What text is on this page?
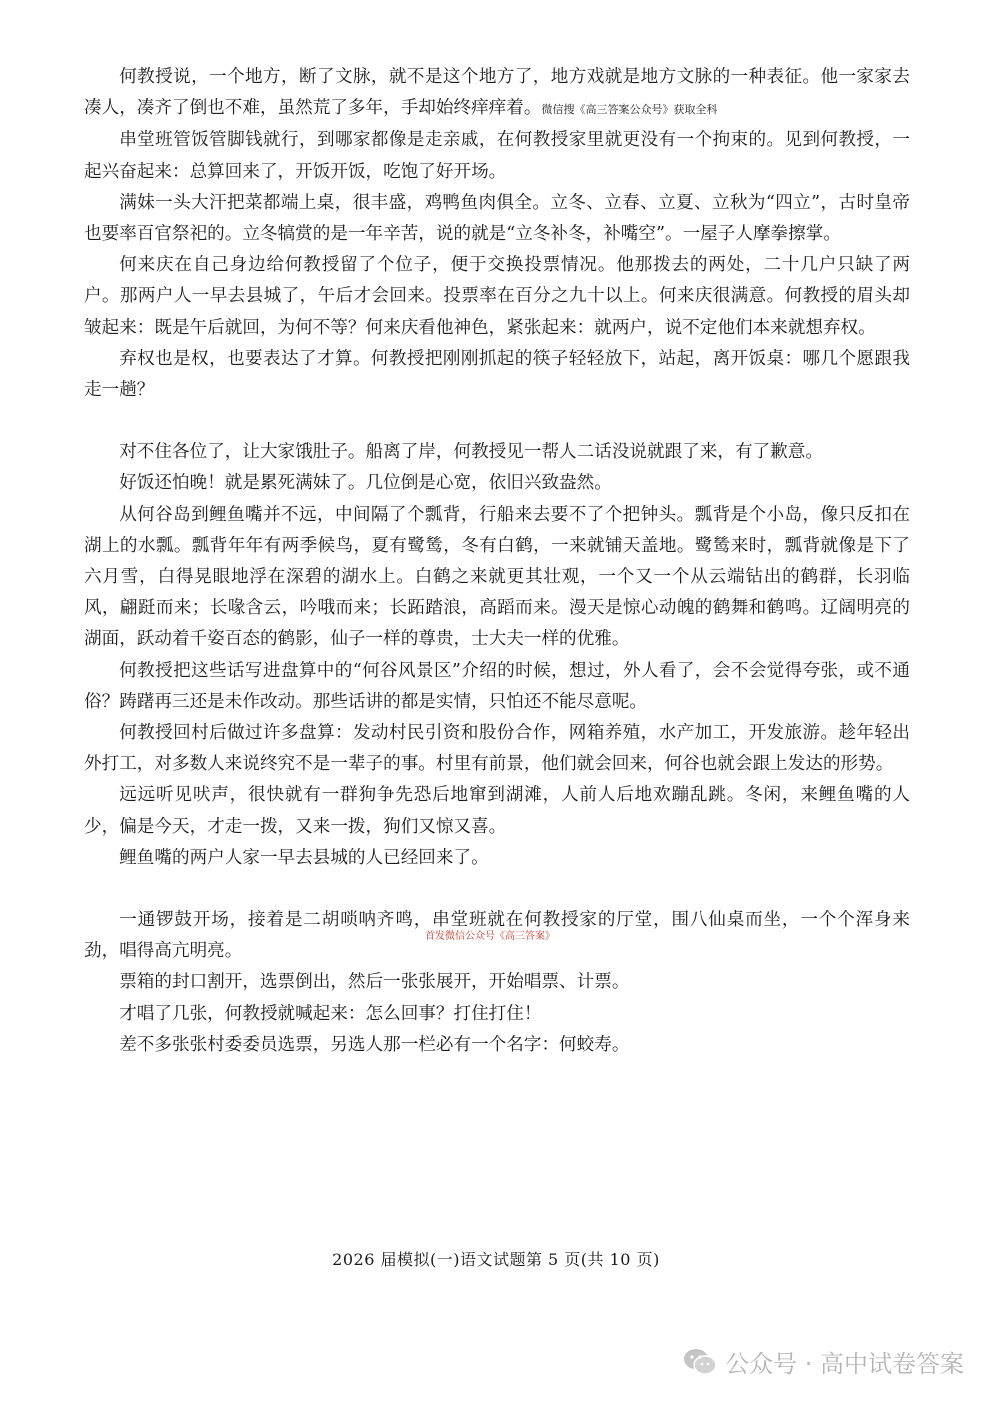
何教授说，一个地方，断了文脉，就不是这个地方了，地方戏就是地方文脉的一种表征。他一家家去凑人，凑齐了倒也不难，虽然荒了多年，手却始终痒痒着。微信搜《高三答案公众号》获取全科

串堂班管饭管脚钱就行，到哪家都像是走亲戚，在何教授家里就更没有一个拘束的。见到何教授，一起兴奋起来：总算回来了，开饭开饭，吃饱了好开场。

满妹一头大汗把菜都端上桌，很丰盛，鸡鸭鱼肉俱全。立冬、立春、立夏、立秋为“四立”，古时皇帝也要率百官祭祀的。立冬犒赏的是一年辛苦，说的就是“立冬补冬，补嘴空”。一屋子人摩拳擦掌。

何来庆在自己身边给何教授留了个位子，便于交换投票情况。他那拨去的两处，二十几户只缺了两户。那两户人一早去县城了，午后才会回来。投票率在百分之九十以上。何来庆很满意。何教授的眉头却皱起来：既是午后就回，为何不等？何来庆看他神色，紧张起来：就两户，说不定他们本来就想弃权。

弃权也是权，也要表达了才算。何教授把刚刚抓起的筷子轻轻放下，站起，离开饭桌：哪几个愿跟我走一趟？

对不住各位了，让大家饿肚子。船离了岸，何教授见一帮人二话没说就跟了来，有了歉意。

好饭还怕晚！就是累死满妹了。几位倒是心宽，依旧兴致盎然。

从何谷岛到鲤鱼嘴并不远，中间隔了个瓢背，行船来去要不了个把钟头。瓢背是个小岛，像只反扣在湖上的水瓢。瓢背年年有两季候鸟，夏有鹭鸶，冬有白鹤，一来就铺天盖地。鹭鸶来时，瓢背就像是下了六月雪，白得晃眼地浮在深碧的湖水上。白鹤之来就更其壮观，一个又一个从云端钻出的鹤群，长羽临风，翩跹而来；长喙含云，吟哦而来；长跖踏浪，高蹈而来。漫天是惊心动魄的鹤舞和鹤鸣。辽阔明亮的湖面，跃动着千姿百态的鹤影，仙子一样的尊贵，士大夫一样的优雅。

何教授把这些话写进盘算中的“何谷风景区”介绍的时候，想过，外人看了，会不会觉得夸张，或不通俗？踌躇再三还是未作改动。那些话讲的都是实情，只怕还不能尽意呢。

何教授回村后做过许多盘算：发动村民引资和股份合作，网箱养殖，水产加工，开发旅游。趁年轻出外打工，对多数人来说终究不是一辈子的事。村里有前景，他们就会回来，何谷也就会跟上发达的形势。

远远听见吠声，很快就有一群狗争先恐后地窜到湖滩，人前人后地欢蹦乱跳。冬闲，来鲤鱼嘴的人少，偏是今天，才走一拨，又来一拨，狗们又惊又喜。

鲤鱼嘴的两户人家一早去县城的人已经回来了。

一通锣鼓开场，接着是二胡唢呐齐鸣，串堂班就在何教授家的厅堂，围八仙桌而坐，一个个浑身来劲，唱得高亢明亮。

首发微信公众号《高三答案》

票箱的封口割开，选票倒出，然后一张张展开，开始唱票、计票。

才唱了几张，何教授就喊起来：怎么回事？打住打住！

差不多张张村委委员选票，另选人那一栏必有一个名字：何蛟寿。

2026 届模拟(一)语文试题第 5 页(共 10 页)
公众号 · 高中试卷答案
